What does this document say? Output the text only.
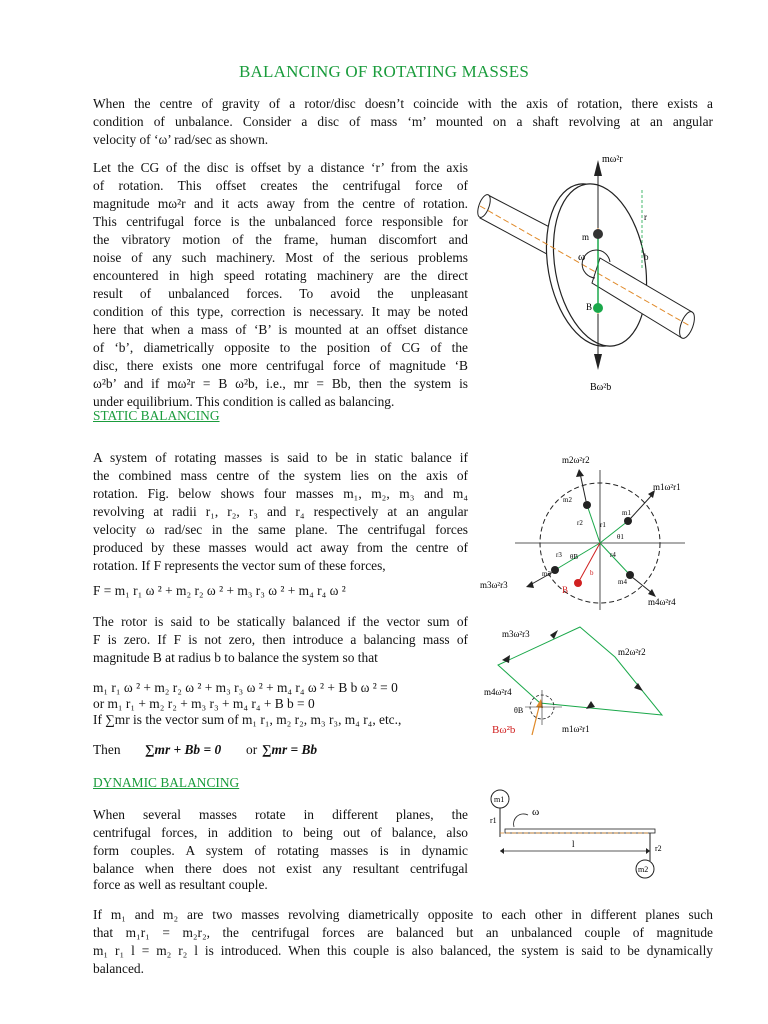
BALANCING OF ROTATING MASSES

When the centre of gravity of a rotor/disc doesn’t coincide with the axis of rotation, there exists a

condition of unbalance. Consider a disc of mass ‘m’ mounted on a shaft revolving at an angular

velocity of ‘ω’ rad/sec as shown.

Let the CG of the disc is offset by a distance ‘r’ from the axis

of rotation. This offset creates the centrifugal force of

magnitude mω²r and it acts away from the centre of rotation.

This centrifugal force is the unbalanced force responsible for

the vibratory motion of the frame, human discomfort and

noise of any such machinery. Most of the serious problems

encountered in high speed rotating machinery are the direct

result of unbalanced forces. To avoid the unpleasant

condition of this type, correction is necessary. It may be noted

here that when a mass of ‘B’ is mounted at an offset distance

of ‘b’, diametrically opposite to the position of CG of the

disc, there exists one more centrifugal force of magnitude ‘B

ω²b’ and if mω²r = B ω²b, i.e., mr = Bb, then the system is

under equilibrium. This condition is called as balancing.

mω²r
m
r
b
B
ω
Bω²b
STATIC BALANCING

A system of rotating masses is said to be in static balance if

the combined mass centre of the system lies on the axis of

rotation. Fig. below shows four masses m₁, m₂, m₃ and m₄

revolving at radii r₁, r₂, r₃ and r₄ respectively at an angular

velocity ω rad/sec in the same plane. The centrifugal forces

produced by these masses would act away from the centre of

rotation. If F represents the vector sum of these forces,

F = m₁ r₁ ω ² + m₂ r₂ ω ² + m₃ r₃ ω ² + m₄ r₄ ω ²
m2ω²r2
m1ω²r1
m3ω²r3
m4ω²r4
m2
m1
m3
m4
r2 r1
r3	r4
θ1
θB
b
B

The rotor is said to be statically balanced if the vector sum of

F is zero. If F is not zero, then introduce a balancing mass of

magnitude B at radius b to balance the system so that

m₁ r₁ ω ² + m₂ r₂ ω ² + m₃ r₃ ω ² + m₄ r₄ ω ² + B b ω ² = 0
or m₁ r₁ + m₂ r₂ + m₃ r₃ + m₄ r₄ + B b = 0
If ∑mr is the vector sum of m₁ r₁, m₂ r₂, m₃ r₃, m₄ r₄, etc.,
Then ∑mr + Bb = 0 or ∑mr = Bb
m3ω²r3
m2ω²r2
m4ω²r4
m1ω²r1
θB
Bω²b
DYNAMIC BALANCING

When several masses rotate in different planes, the

centrifugal forces, in addition to being out of balance, also

form couples. A system of rotating masses is in dynamic

balance when there does not exist any resultant centrifugal

force as well as resultant couple.

m1
m2
r1
r2
l
ω

If m₁ and m₂ are two masses revolving diametrically opposite to each other in different planes such

that m₁r₁ = m₂r₂, the centrifugal forces are balanced but an unbalanced couple of magnitude

m₁ r₁ l = m₂ r₂ l is introduced. When this couple is also balanced, the system is said to be dynamically

balanced.
